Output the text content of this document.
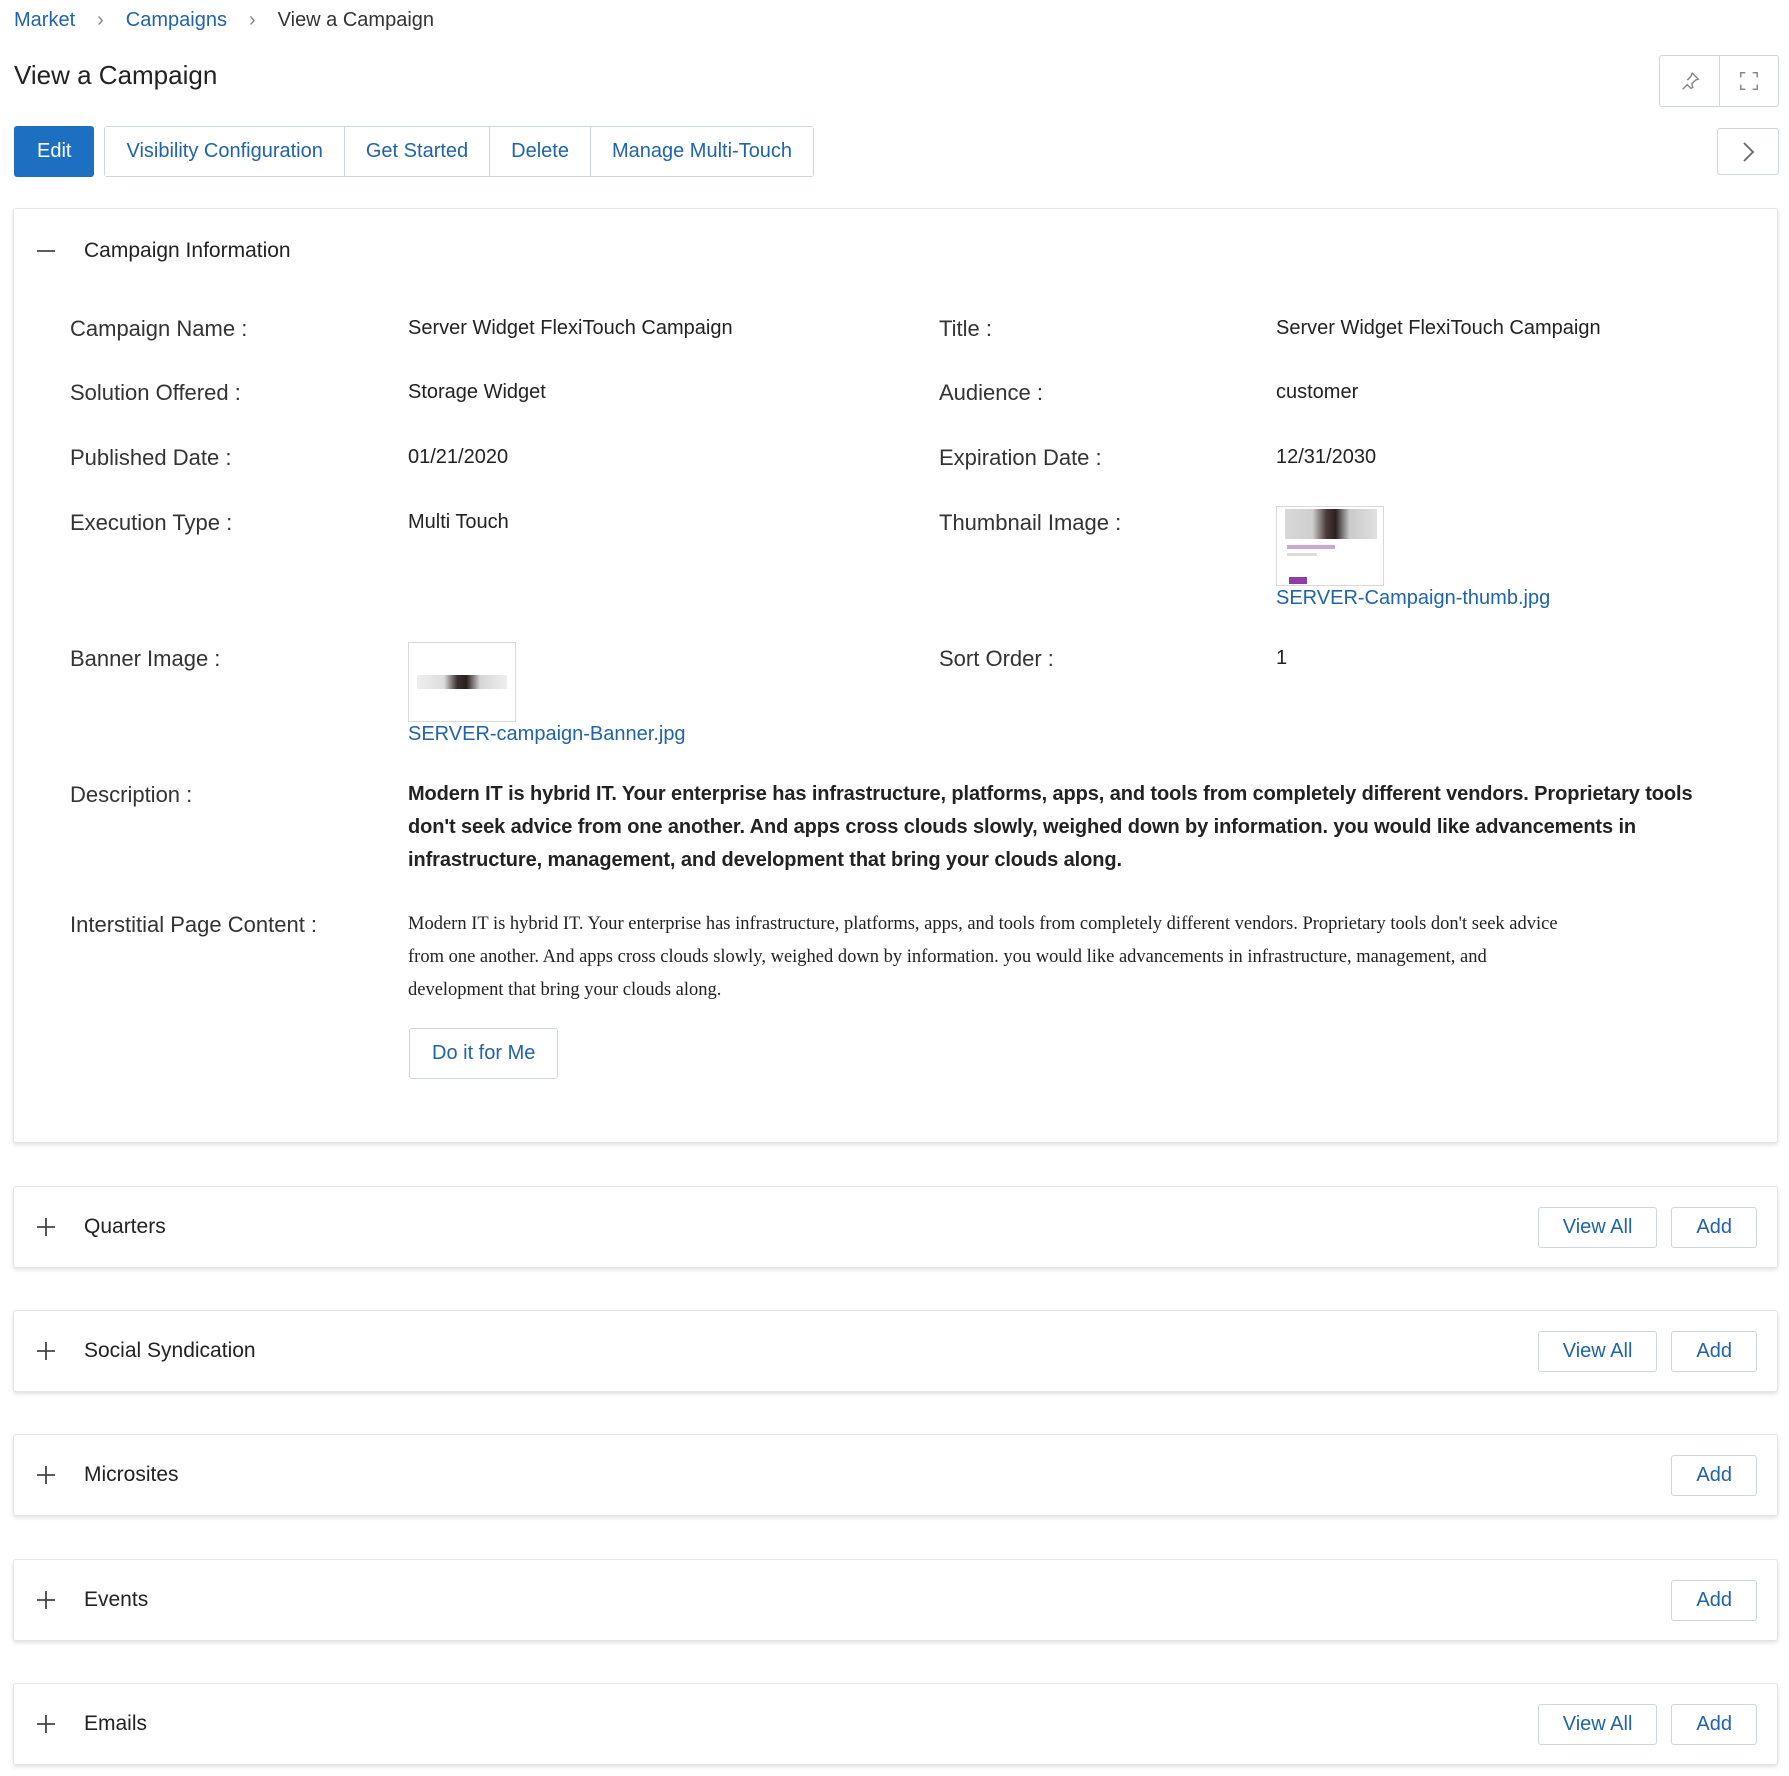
Market › Campaigns › View a Campaign
View a Campaign
Edit	Visibility Configuration	Get Started	Delete	Manage Multi-Touch
Campaign Information
Campaign Name :	Server Widget FlexiTouch Campaign	Title :	Server Widget FlexiTouch Campaign
Solution Offered :	Storage Widget	Audience :	customer
Published Date :	01/21/2020	Expiration Date :	12/31/2030
Execution Type :	Multi Touch	Thumbnail Image :
SERVER-Campaign-thumb.jpg
Banner Image :
SERVER-campaign-Banner.jpg
Sort Order :	1
Description :	Modern IT is hybrid IT. Your enterprise has infrastructure, platforms, apps, and tools from completely different vendors. Proprietary tools don't seek advice from one another. And apps cross clouds slowly, weighed down by information. you would like advancements in infrastructure, management, and development that bring your clouds along.
Interstitial Page Content :	Modern IT is hybrid IT. Your enterprise has infrastructure, platforms, apps, and tools from completely different vendors. Proprietary tools don't seek advice from one another. And apps cross clouds slowly, weighed down by information. you would like advancements in infrastructure, management, and development that bring your clouds along.
Do it for Me
Quarters	View All	Add
Social Syndication	View All	Add
Microsites	Add
Events	Add
Emails	View All	Add
